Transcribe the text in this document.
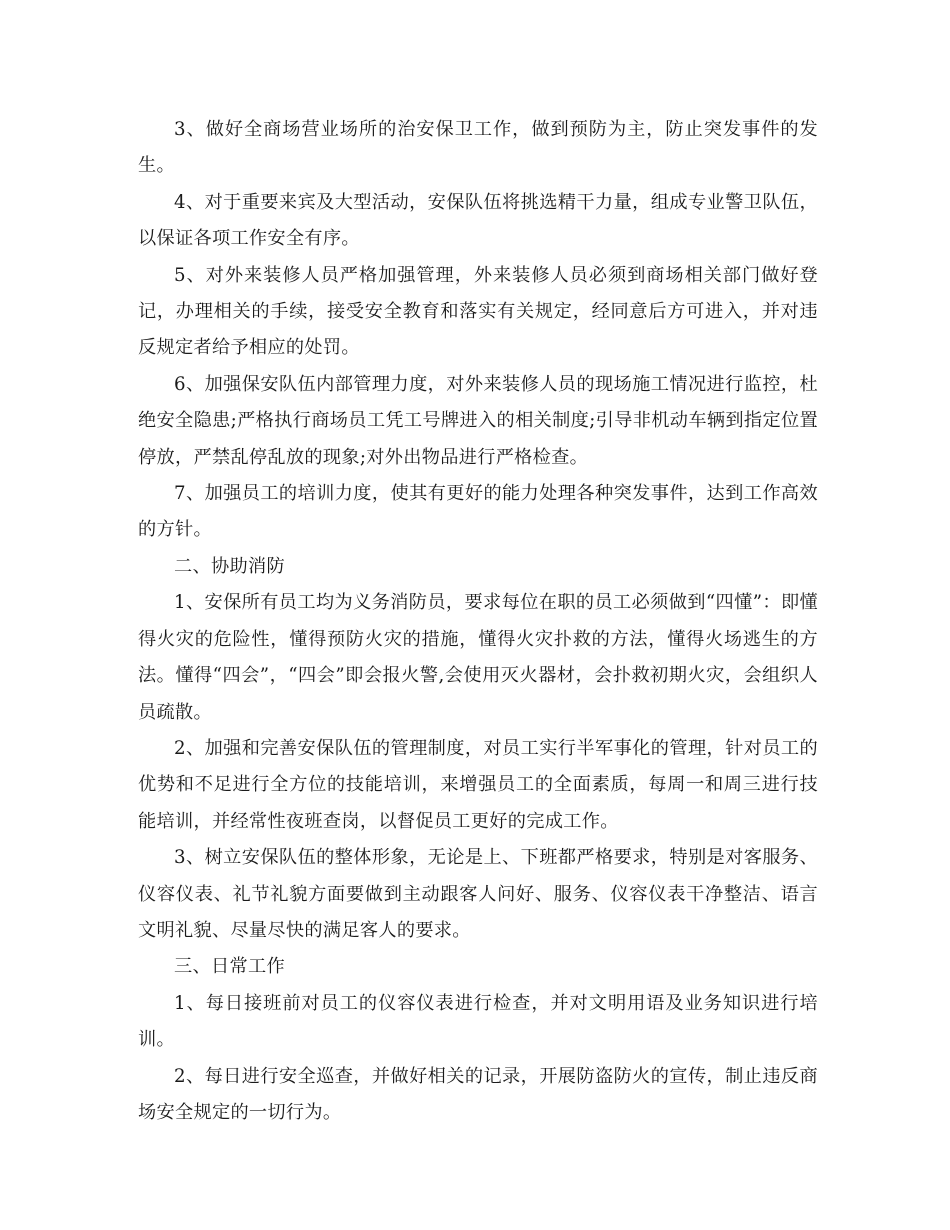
3、做好全商场营业场所的治安保卫工作，做到预防为主，防止突发事件的发生。

4、对于重要来宾及大型活动，安保队伍将挑选精干力量，组成专业警卫队伍，以保证各项工作安全有序。

5、对外来装修人员严格加强管理，外来装修人员必须到商场相关部门做好登记，办理相关的手续，接受安全教育和落实有关规定，经同意后方可进入，并对违反规定者给予相应的处罚。

6、加强保安队伍内部管理力度，对外来装修人员的现场施工情况进行监控，杜绝安全隐患;严格执行商场员工凭工号牌进入的相关制度;引导非机动车辆到指定位置停放，严禁乱停乱放的现象;对外出物品进行严格检查。

7、加强员工的培训力度，使其有更好的能力处理各种突发事件，达到工作高效的方针。

二、协助消防

1、安保所有员工均为义务消防员，要求每位在职的员工必须做到“四懂”：即懂得火灾的危险性，懂得预防火灾的措施，懂得火灾扑救的方法，懂得火场逃生的方法。懂得“四会”，“四会”即会报火警,会使用灭火器材，会扑救初期火灾，会组织人员疏散。

2、加强和完善安保队伍的管理制度，对员工实行半军事化的管理，针对员工的优势和不足进行全方位的技能培训，来增强员工的全面素质，每周一和周三进行技能培训，并经常性夜班查岗，以督促员工更好的完成工作。

3、树立安保队伍的整体形象，无论是上、下班都严格要求，特别是对客服务、仪容仪表、礼节礼貌方面要做到主动跟客人问好、服务、仪容仪表干净整洁、语言文明礼貌、尽量尽快的满足客人的要求。

三、日常工作

1、每日接班前对员工的仪容仪表进行检查，并对文明用语及业务知识进行培训。

2、每日进行安全巡查，并做好相关的记录，开展防盗防火的宣传，制止违反商场安全规定的一切行为。
